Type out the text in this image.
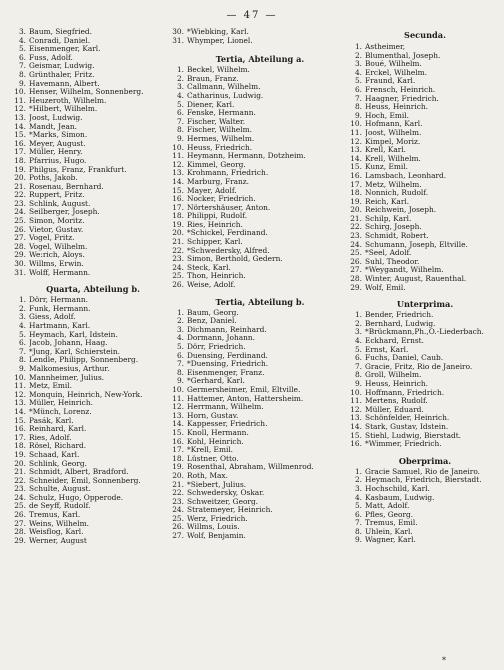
— 47 —
3. Baum, Siegfried.
4. Conradi, Daniel.
5. Eisenmenger, Karl.
6. Fuss, Adolf.
7. Geismar, Ludwig.
8. Grünthaler, Fritz.
9. Havemann, Albert.
10. Henser, Wilhelm, Sonnenberg.
11. Heuzeroth, Wilhelm.
12. *Hilbert, Wilhelm.
13. Joost, Ludwig.
14. Mandt, Jean.
15. *Marks, Simon.
16. Meyer, August.
17. Müller, Henry.
18. Pfarrius, Hugo.
19. Philgus, Franz, Frankfurt.
20. Poths, Jakob.
21. Rosenau, Bernhard.
22. Ruppert, Fritz.
23. Schlink, August.
24. Seilberger, Joseph.
25. Simon, Moritz.
26. Vietor, Gustav.
27. Vogel, Fritz.
28. Vogel, Wilhelm.
29. We:rich, Aloys.
30. Willms, Erwin.
31. Wolff, Hermann.
Quarta, Abteilung b.
1. Dörr, Hermann.
2. Funk, Hermann.
3. Giess, Adolf.
4. Hartmann, Karl.
5. Heymach, Karl, Idstein.
6. Jacob, Johann, Haag.
7. *Jung, Karl, Schierstein.
8. Lendle, Philipp, Sonnenberg.
9. Malkomesius, Arthur.
10. Mannheimer, Julius.
11. Metz, Emil.
12. Monquin, Heinrich, New-York.
13. Müller, Heinrich.
14. *Münch, Lorenz.
15. Pasák, Karl.
16. Reinhard, Karl.
17. Ries, Adolf.
18. Rösel, Richard.
19. Schaad, Karl.
20. Schlink, Georg.
21. Schmidt, Albert, Bradford.
22. Schneider, Emil, Sonnenberg.
23. Schulte, August.
24. Schulz, Hugo, Opperode.
25. de Seyff, Rudolf.
26. Tremus, Karl.
27. Weins, Wilhelm.
28. Weisflog, Karl.
29. Werner, August
30. *Wiebking, Karl.
31. Whymper, Lionel.
Tertia, Abteilung a.
1. Beckel, Wilhelm.
2. Braun, Franz.
3. Callmann, Wilhelm.
4. Catharinus, Ludwig.
5. Diener, Karl.
6. Fenske, Hermann.
7. Fischer, Walter.
8. Fischer, Wilhelm.
9. Hermes, Wilhelm.
10. Heuss, Friedrich.
11. Heymann, Hermann, Dotzheim.
12. Kimmel, Georg.
13. Krohmann, Friedrich.
14. Marburg, Franz.
15. Mayer, Adolf.
16. Nocker, Friedrich.
17. Nörtershäuser, Anton.
18. Philippi, Rudolf.
19. Ries, Heinrich.
20. *Schickel, Ferdinand.
21. Schipper, Karl.
22. *Schwedersky, Alfred.
23. Simon, Berthold, Gedern.
24. Steck, Karl.
25. Thon, Heinrich.
26. Weise, Adolf.
Tertia, Abteilung b.
1. Baum, Georg.
2. Benz, Daniel.
3. Dichmann, Reinhard.
4. Dormann, Johann.
5. Dörr, Friedrich.
6. Duensing, Ferdinand.
7. *Duensing, Friedrich.
8. Eisenmenger, Franz.
9. *Gerhard, Karl.
10. Germersheimer, Emil, Eltville.
11. Hattemer, Anton, Hattersheim.
12. Herrmann, Wilhelm.
13. Horn, Gustav.
14. Kappesser, Friedrich.
15. Knoll, Hermann.
16. Kohl, Heinrich.
17. *Krell, Emil.
18. Lüstner, Otto.
19. Rosenthal, Abraham, Willmenrod.
20. Roth, Max.
21. *Siebert, Julius.
22. Schwedersky, Oskar.
23. Schweitzer, Georg.
24. Stratemeyer, Heinrich.
25. Werz, Friedrich.
26. Willms, Louis.
27. Wolf, Benjamin.
Secunda.
1. Astheimer,
2. Blumenthal, Joseph.
3. Boué, Wilhelm.
4. Erckel, Wilhelm.
5. Fraund, Karl.
6. Frensch, Heinrich.
7. Haagner, Friedrich.
8. Heuss, Heinrich.
9. Hoch, Emil.
10. Hofmann, Karl.
11. Joost, Wilhelm.
12. Kimpel, Moriz.
13. Krell, Karl.
14. Krell, Wilhelm.
15. Kunz, Emil.
16. Lamsbach, Leonhard.
17. Metz, Wilhelm.
18. Nonnich, Rudolf.
19. Reich, Karl.
20. Reichwein, Joseph.
21. Schilp, Karl.
22. Schirg, Joseph.
23. Schmidt, Robert.
24. Schumann, Joseph, Eltville.
25. *Seel, Adolf.
26. Suhl, Theodor.
27. *Weygandt, Wilhelm.
28. Winter, August, Rauenthal.
29. Wolf, Emil.
Unterprima.
1. Bender, Friedrich.
2. Bernhard, Ludwig.
3. *Brückmann,Ph.,O.-Liederbach.
4. Eckhard, Ernst.
5. Ernst, Karl.
6. Fuchs, Daniel, Caub.
7. Gracie, Fritz, Rio de Janeiro.
8. Groll, Wilhelm.
9. Heuss, Heinrich.
10. Hoffmann, Friedrich.
11. Mertens, Rudolf.
12. Müller, Eduard.
13. Schönfelder, Heinrich.
14. Stark, Gustav, Idstein.
15. Stiehl, Ludwig, Bierstadt.
16. *Wimmer, Friedrich.
Oberprima.
1. Gracie Samuel, Rio de Janeiro.
2. Heymach, Friedrich, Bierstadt.
3. Hochschild, Karl.
4. Kasbaum, Ludwig.
5. Matt, Adolf.
6. Pfles, Georg.
7. Tremus, Emil.
8. Uhlein, Karl.
9. Wagner, Karl.
*
